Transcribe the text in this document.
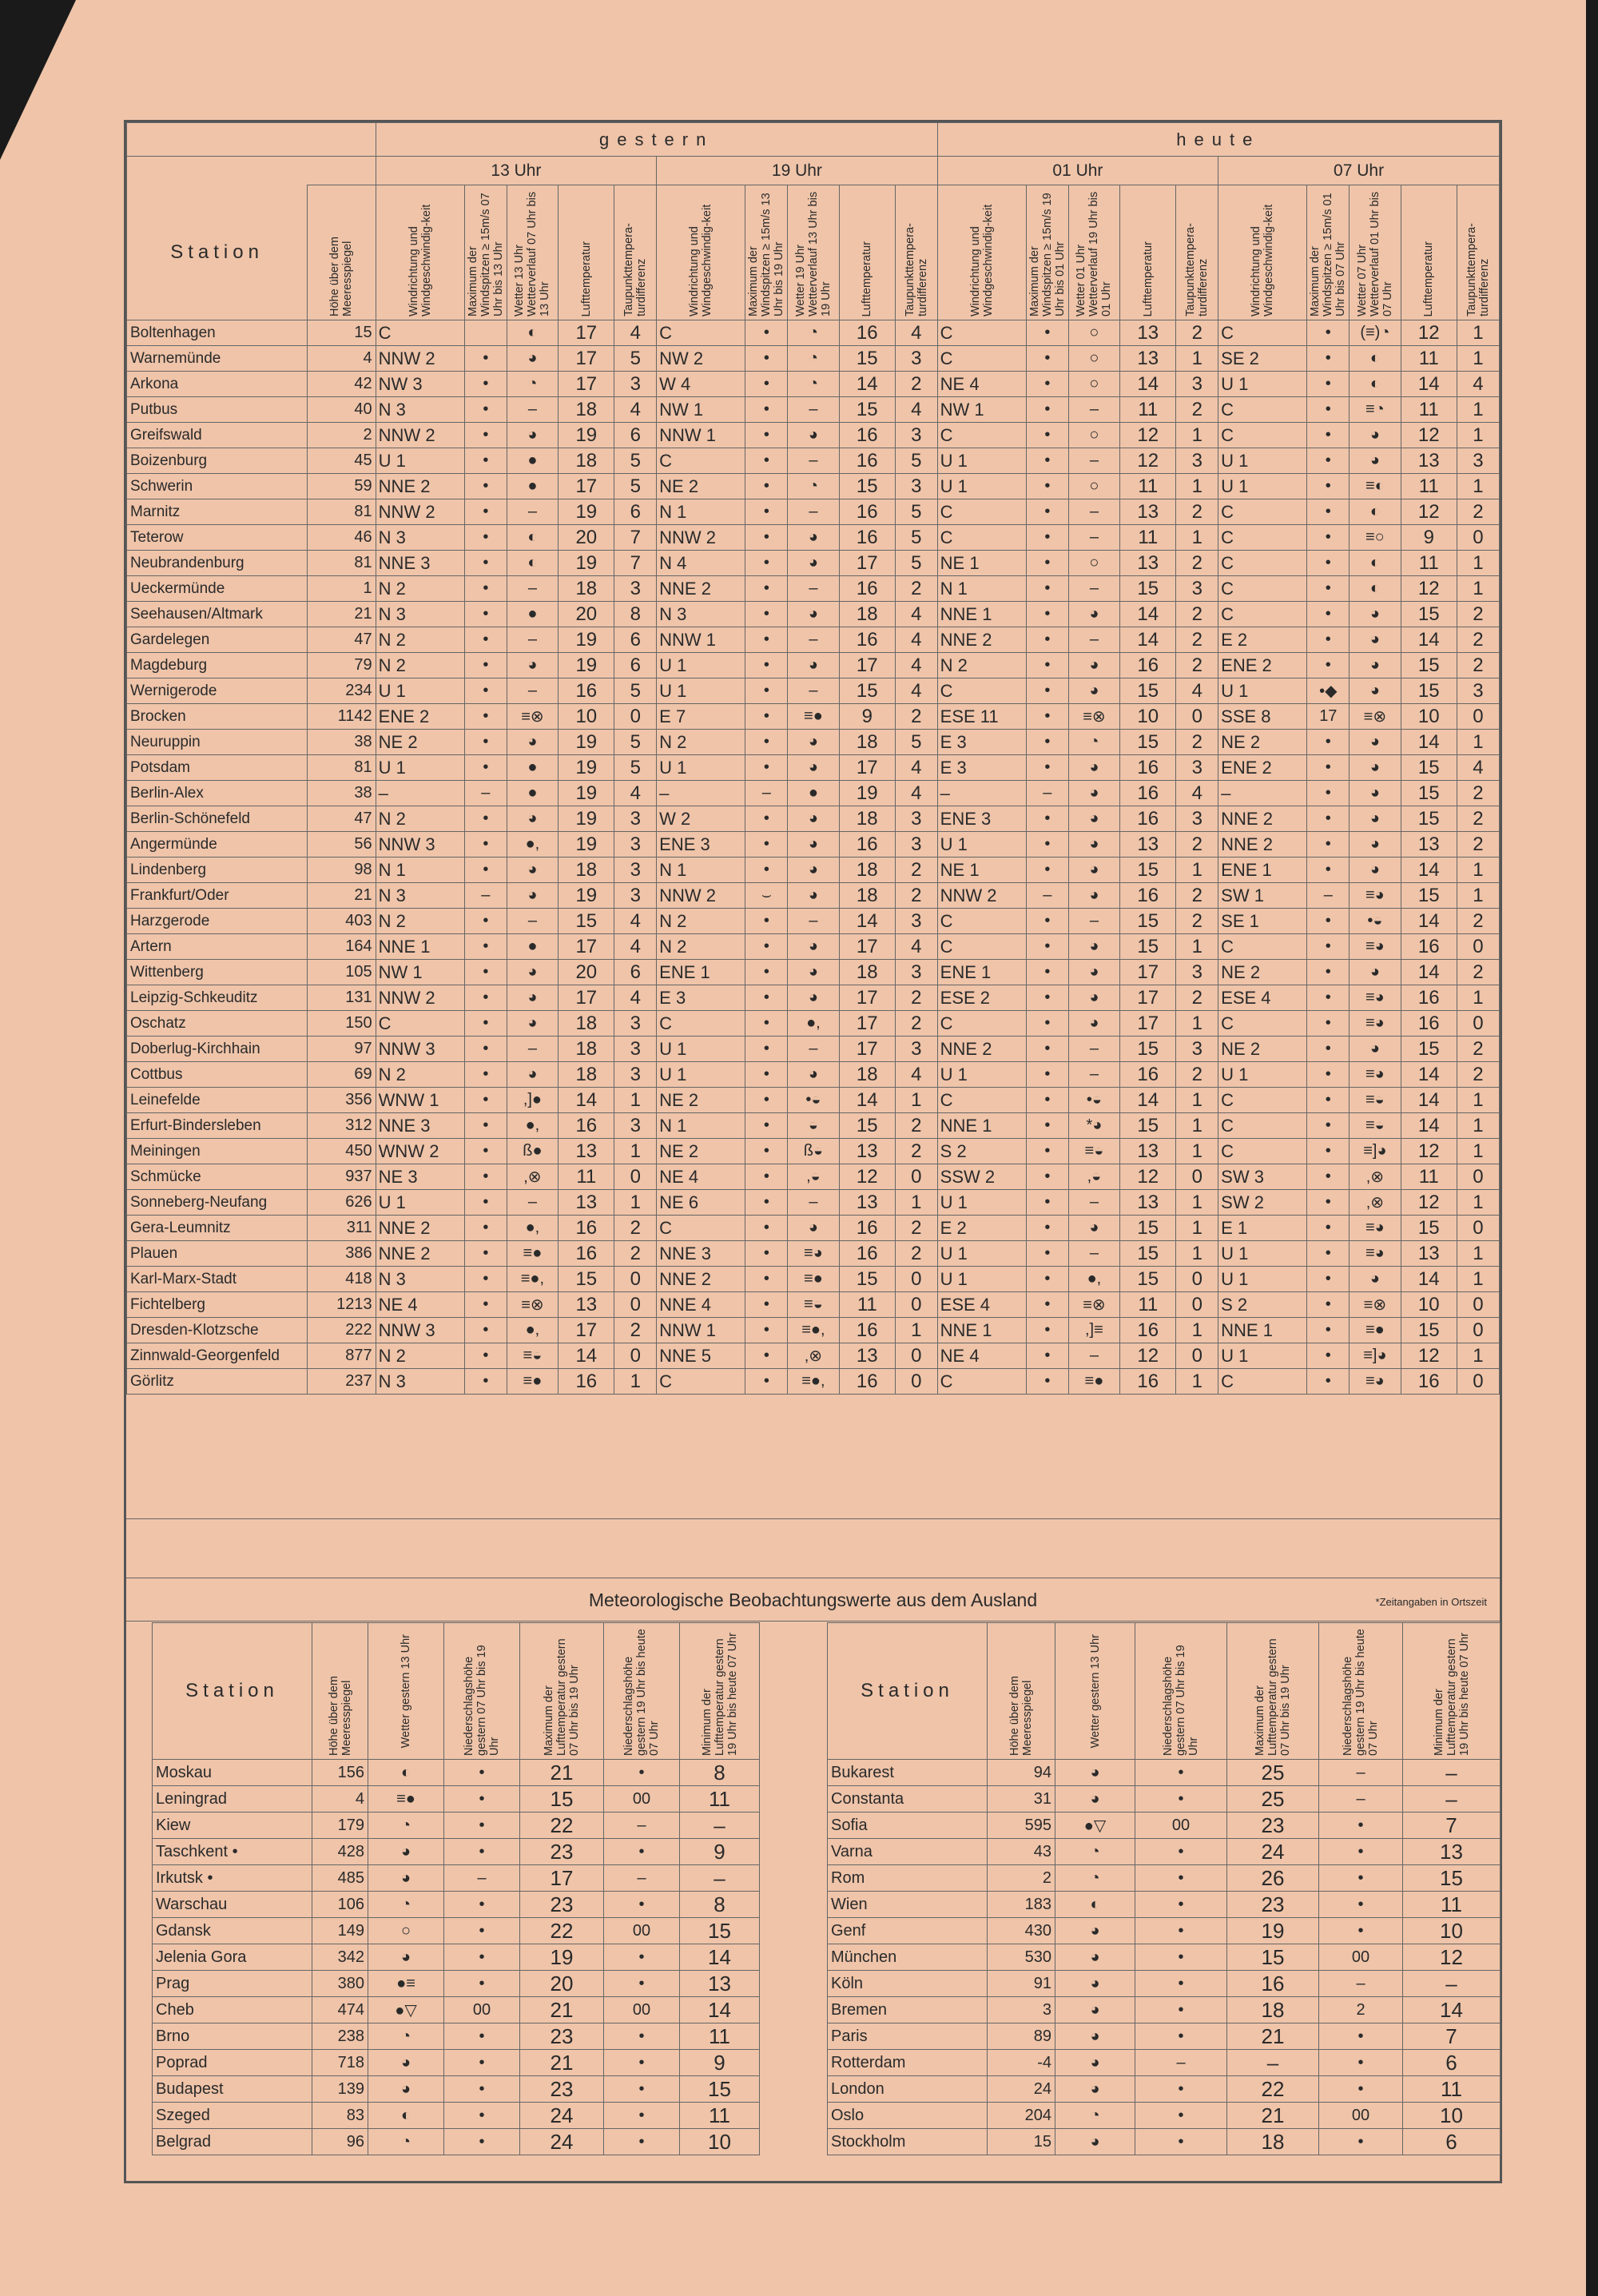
		gestern										heute									
		13 Uhr					19 Uhr					01 Uhr					07 Uhr				
Station	Höhe über dem Meeresspiegel	Windrichtung und Windgeschwindig-keit	Maximum der Windspitzen ≥ 15m/s 07 Uhr bis 13 Uhr	Wetter 13 Uhr Wetterverlauf 07 Uhr bis 13 Uhr	Lufttemperatur	Taupunkttempera-turdifferenz	Windrichtung und Windgeschwindig-keit	Maximum der Windspitzen ≥ 15m/s 13 Uhr bis 19 Uhr	Wetter 19 Uhr Wetterverlauf 13 Uhr bis 19 Uhr	Lufttemperatur	Taupunkttempera-turdifferenz	Windrichtung und Windgeschwindig-keit	Maximum der Windspitzen ≥ 15m/s 19 Uhr bis 01 Uhr	Wetter 01 Uhr Wetterverlauf 19 Uhr bis 01 Uhr	Lufttemperatur	Taupunkttempera-turdifferenz	Windrichtung und Windgeschwindig-keit	Maximum der Windspitzen ≥ 15m/s 01 Uhr bis 07 Uhr	Wetter 07 Uhr Wetterverlauf 01 Uhr bis 07 Uhr	Lufttemperatur	Taupunkttempera-turdifferenz

Boltenhagen	15	C		◐	17	4	C	•	◔	16	4	C	•	○	13	2	C	•	(≡)◔	12	1
Warnemünde	4	NNW 2	•	◕	17	5	NW 2	•	◔	15	3	C	•	○	13	1	SE 2	•	◐	11	1
Arkona	42	NW 3	•	◔	17	3	W 4	•	◔	14	2	NE 4	•	○	14	3	U 1	•	◐	14	4
Putbus	40	N 3	•	–	18	4	NW 1	•	–	15	4	NW 1	•	–	11	2	C	•	≡◔	11	1
Greifswald	2	NNW 2	•	◕	19	6	NNW 1	•	◕	16	3	C	•	○	12	1	C	•	◕	12	1
Boizenburg	45	U 1	•	●	18	5	C	•	–	16	5	U 1	•	–	12	3	U 1	•	◕	13	3
Schwerin	59	NNE 2	•	●	17	5	NE 2	•	◔	15	3	U 1	•	○	11	1	U 1	•	≡◐	11	1
Marnitz	81	NNW 2	•	–	19	6	N 1	•	–	16	5	C	•	–	13	2	C	•	◐	12	2
Teterow	46	N 3	•	◐	20	7	NNW 2	•	◕	16	5	C	•	–	11	1	C	•	≡○	9	0
Neubrandenburg	81	NNE 3	•	◐	19	7	N 4	•	◕	17	5	NE 1	•	○	13	2	C	•	◐	11	1
Ueckermünde	1	N 2	•	–	18	3	NNE 2	•	–	16	2	N 1	•	–	15	3	C	•	◐	12	1
Seehausen/Altmark	21	N 3	•	●	20	8	N 3	•	◕	18	4	NNE 1	•	◕	14	2	C	•	◕	15	2
Gardelegen	47	N 2	•	–	19	6	NNW 1	•	–	16	4	NNE 2	•	–	14	2	E 2	•	◕	14	2
Magdeburg	79	N 2	•	◕	19	6	U 1	•	◕	17	4	N 2	•	◕	16	2	ENE 2	•	◕	15	2
Wernigerode	234	U 1	•	–	16	5	U 1	•	–	15	4	C	•	◕	15	4	U 1	•◆	◕	15	3
Brocken	1142	ENE 2	•	≡⊗	10	0	E 7	•	≡●	9	2	ESE 11	•	≡⊗	10	0	SSE 8	17	≡⊗	10	0
Neuruppin	38	NE 2	•	◕	19	5	N 2	•	◕	18	5	E 3	•	◔	15	2	NE 2	•	◕	14	1
Potsdam	81	U 1	•	●	19	5	U 1	•	◕	17	4	E 3	•	◕	16	3	ENE 2	•	◕	15	4
Berlin-Alex	38	–	–	●	19	4	–	–	●	19	4	–	–	◕	16	4	–	•	◕	15	2
Berlin-Schönefeld	47	N 2	•	◕	19	3	W 2	•	◕	18	3	ENE 3	•	◕	16	3	NNE 2	•	◕	15	2
Angermünde	56	NNW 3	•	●,	19	3	ENE 3	•	◕	16	3	U 1	•	◕	13	2	NNE 2	•	◕	13	2
Lindenberg	98	N 1	•	◕	18	3	N 1	•	◕	18	2	NE 1	•	◕	15	1	ENE 1	•	◕	14	1
Frankfurt/Oder	21	N 3	–	◕	19	3	NNW 2	⌣	◕	18	2	NNW 2	–	◕	16	2	SW 1	–	≡◕	15	1
Harzgerode	403	N 2	•	–	15	4	N 2	•	–	14	3	C	•	–	15	2	SE 1	•	•◒	14	2
Artern	164	NNE 1	•	●	17	4	N 2	•	◕	17	4	C	•	◕	15	1	C	•	≡◕	16	0
Wittenberg	105	NW 1	•	◕	20	6	ENE 1	•	◕	18	3	ENE 1	•	◕	17	3	NE 2	•	◕	14	2
Leipzig-Schkeuditz	131	NNW 2	•	◕	17	4	E 3	•	◕	17	2	ESE 2	•	◕	17	2	ESE 4	•	≡◕	16	1
Oschatz	150	C	•	◕	18	3	C	•	●,	17	2	C	•	◕	17	1	C	•	≡◕	16	0
Doberlug-Kirchhain	97	NNW 3	•	–	18	3	U 1	•	–	17	3	NNE 2	•	–	15	3	NE 2	•	◕	15	2
Cottbus	69	N 2	•	◕	18	3	U 1	•	◕	18	4	U 1	•	–	16	2	U 1	•	≡◕	14	2
Leinefelde	356	WNW 1	•	,]●	14	1	NE 2	•	•◒	14	1	C	•	•◒	14	1	C	•	≡◒	14	1
Erfurt-Bindersleben	312	NNE 3	•	●,	16	3	N 1	•	◒	15	2	NNE 1	•	*◕	15	1	C	•	≡◒	14	1
Meiningen	450	WNW 2	•	ß●	13	1	NE 2	•	ß◒	13	2	S 2	•	≡◒	13	1	C	•	≡]◕	12	1
Schmücke	937	NE 3	•	,⊗	11	0	NE 4	•	,◒	12	0	SSW 2	•	,◒	12	0	SW 3	•	,⊗	11	0
Sonneberg-Neufang	626	U 1	•	–	13	1	NE 6	•	–	13	1	U 1	•	–	13	1	SW 2	•	,⊗	12	1
Gera-Leumnitz	311	NNE 2	•	●,	16	2	C	•	◕	16	2	E 2	•	◕	15	1	E 1	•	≡◕	15	0
Plauen	386	NNE 2	•	≡●	16	2	NNE 3	•	≡◕	16	2	U 1	•	–	15	1	U 1	•	≡◕	13	1
Karl-Marx-Stadt	418	N 3	•	≡●,	15	0	NNE 2	•	≡●	15	0	U 1	•	●,	15	0	U 1	•	◕	14	1
Fichtelberg	1213	NE 4	•	≡⊗	13	0	NNE 4	•	≡◒	11	0	ESE 4	•	≡⊗	11	0	S 2	•	≡⊗	10	0
Dresden-Klotzsche	222	NNW 3	•	●,	17	2	NNW 1	•	≡●,	16	1	NNE 1	•	,]≡	16	1	NNE 1	•	≡●	15	0
Zinnwald-Georgenfeld	877	N 2	•	≡◒	14	0	NNE 5	•	,⊗	13	0	NE 4	•	–	12	0	U 1	•	≡]◕	12	1
Görlitz	237	N 3	•	≡●	16	1	C	•	≡●,	16	0	C	•	≡●	16	1	C	•	≡◕	16	0
Meteorologische Beobachtungswerte aus dem Ausland	*Zeitangaben in Ortszeit
Station	Höhe über dem Meeresspiegel	Wetter gestern 13 Uhr	Niederschlagshöhe gestern 07 Uhr bis 19 Uhr	Maximum der Lufttemperatur gestern 07 Uhr bis 19 Uhr	Niederschlagshöhe gestern 19 Uhr bis heute 07 Uhr	Minimum der Lufttemperatur gestern 19 Uhr bis heute 07 Uhr

Moskau	156	◐	•	21	•	8
Leningrad	4	≡●	•	15	00	11
Kiew	179	◔	•	22	–	–
Taschkent •	428	◕	•	23	•	9
Irkutsk •	485	◕	–	17	–	–
Warschau	106	◔	•	23	•	8
Gdansk	149	○	•	22	00	15
Jelenia Gora	342	◕	•	19	•	14
Prag	380	●≡	•	20	•	13
Cheb	474	●▽	00	21	00	14
Brno	238	◔	•	23	•	11
Poprad	718	◕	•	21	•	9
Budapest	139	◕	•	23	•	15
Szeged	83	◐	•	24	•	11
Belgrad	96	◔	•	24	•	10
Station	Höhe über dem Meeresspiegel	Wetter gestern 13 Uhr	Niederschlagshöhe gestern 07 Uhr bis 19 Uhr	Maximum der Lufttemperatur gestern 07 Uhr bis 19 Uhr	Niederschlagshöhe gestern 19 Uhr bis heute 07 Uhr	Minimum der Lufttemperatur gestern 19 Uhr bis heute 07 Uhr

Bukarest	94	◕	•	25	–	–
Constanta	31	◕	•	25	–	–
Sofia	595	●▽	00	23	•	7
Varna	43	◔	•	24	•	13
Rom	2	◔	•	26	•	15
Wien	183	◐	•	23	•	11
Genf	430	◕	•	19	•	10
München	530	◕	•	15	00	12
Köln	91	◕	•	16	–	–
Bremen	3	◕	•	18	2	14
Paris	89	◕	•	21	•	7
Rotterdam	-4	◕	–	–	•	6
London	24	◕	•	22	•	11
Oslo	204	◔	•	21	00	10
Stockholm	15	◕	•	18	•	6
